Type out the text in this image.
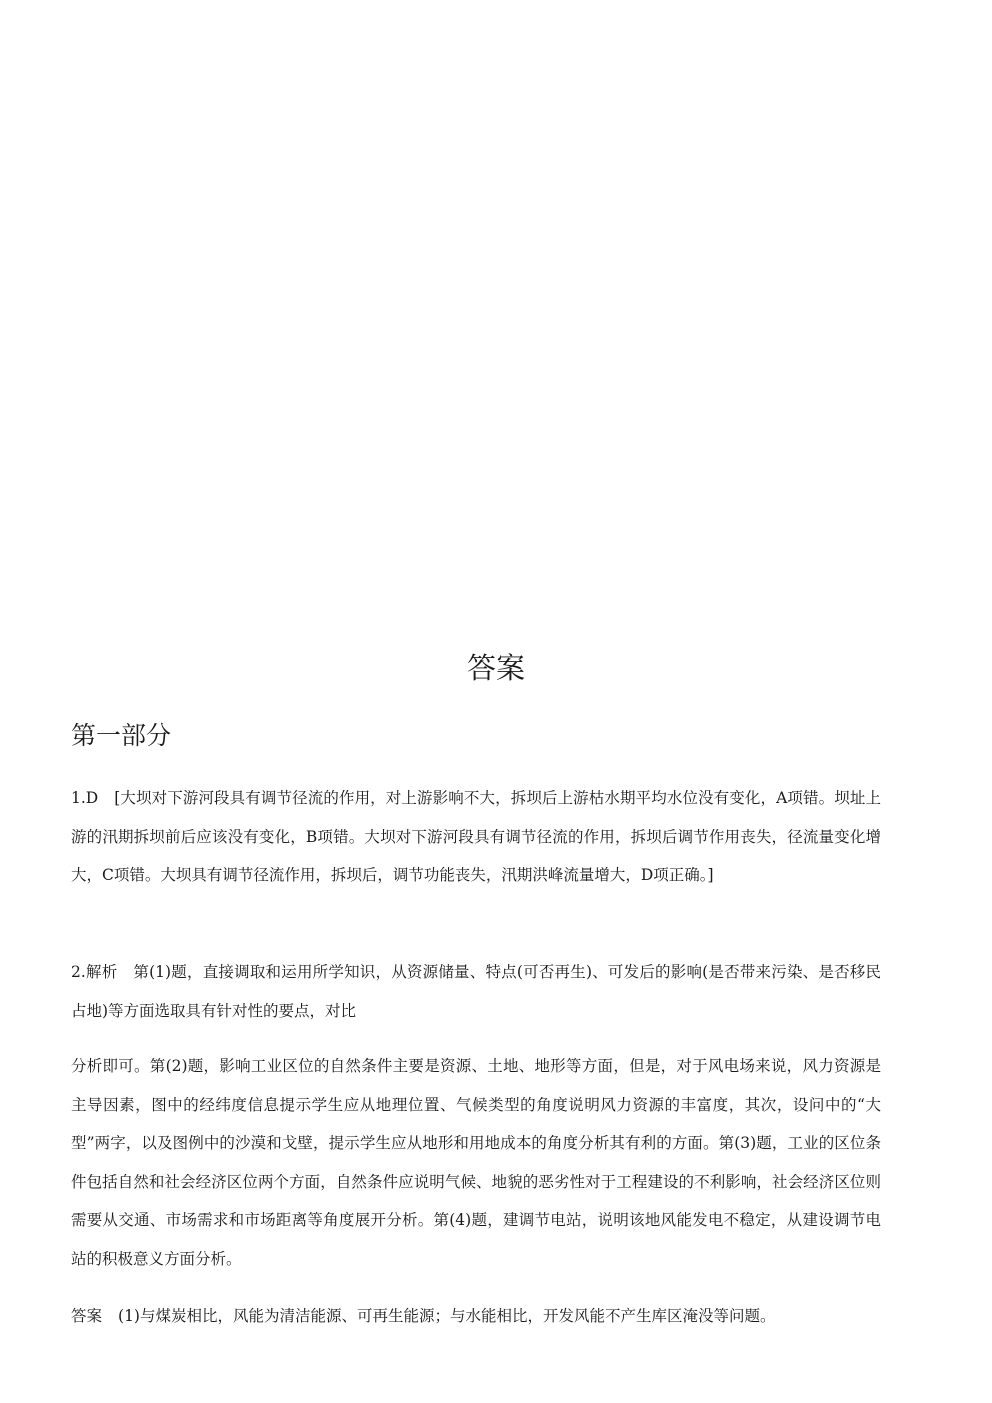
答案
第一部分
1.D [大坝对下游河段具有调节径流的作用，对上游影响不大，拆坝后上游枯水期平均水位没有变化，A项错。坝址上游的汛期拆坝前后应该没有变化，B项错。大坝对下游河段具有调节径流的作用，拆坝后调节作用丧失，径流量变化增大，C项错。大坝具有调节径流作用，拆坝后，调节功能丧失，汛期洪峰流量增大，D项正确。]
2.解析 第(1)题，直接调取和运用所学知识，从资源储量、特点(可否再生)、可发后的影响(是否带来污染、是否移民占地)等方面选取具有针对性的要点，对比
分析即可。第(2)题，影响工业区位的自然条件主要是资源、土地、地形等方面，但是，对于风电场来说，风力资源是主导因素，图中的经纬度信息提示学生应从地理位置、气候类型的角度说明风力资源的丰富度，其次，设问中的“大型”两字，以及图例中的沙漠和戈壁，提示学生应从地形和用地成本的角度分析其有利的方面。第(3)题，工业的区位条件包括自然和社会经济区位两个方面，自然条件应说明气候、地貌的恶劣性对于工程建设的不利影响，社会经济区位则需要从交通、市场需求和市场距离等角度展开分析。第(4)题，建调节电站，说明该地风能发电不稳定，从建设调节电站的积极意义方面分析。
答案 (1)与煤炭相比，风能为清洁能源、可再生能源；与水能相比，开发风能不产生库区淹没等问题。
